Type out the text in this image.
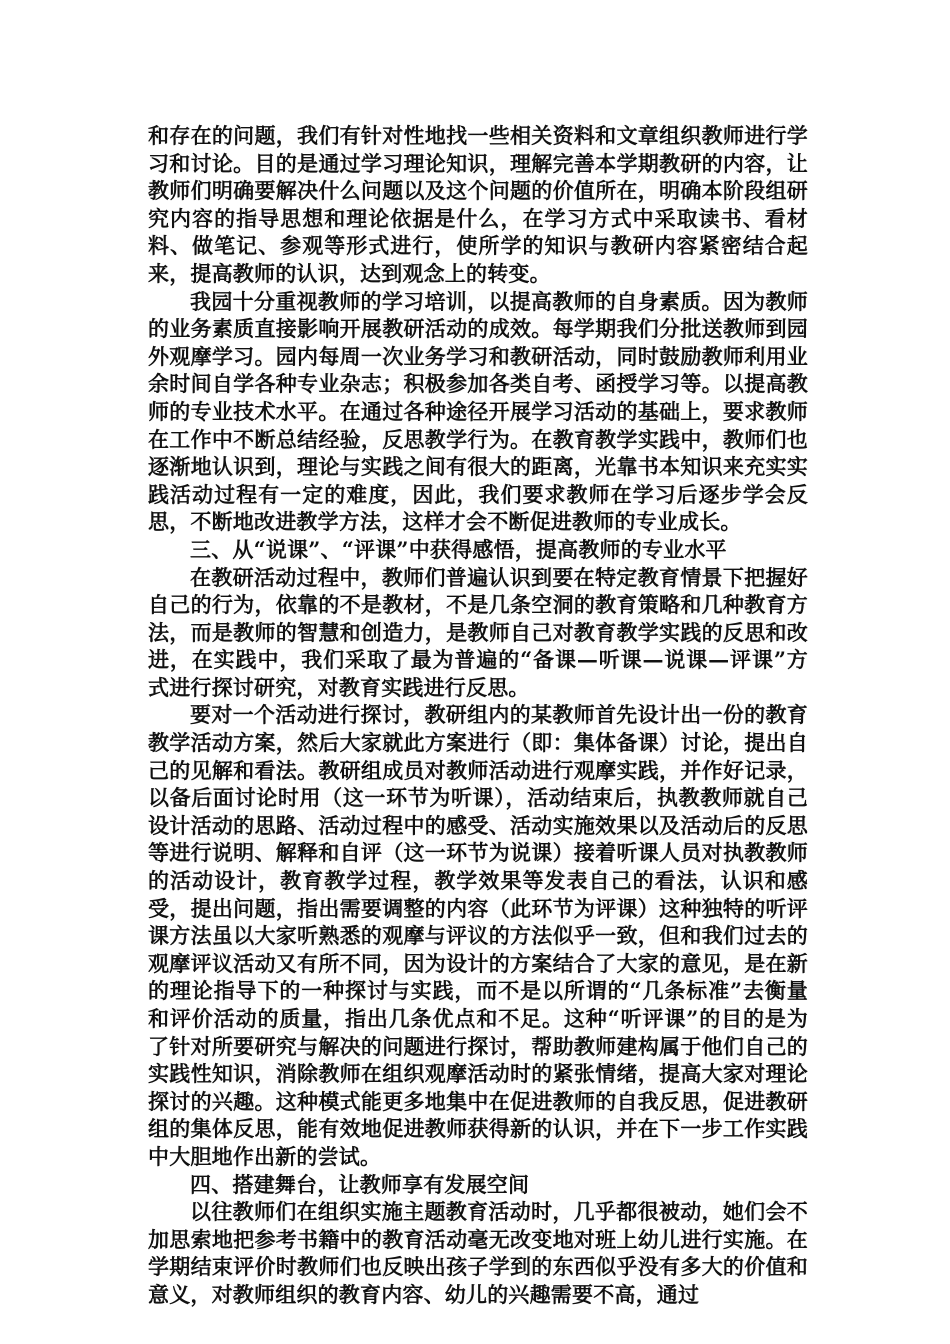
和存在的问题，我们有针对性地找一些相关资料和文章组织教师进行学习和讨论。目的是通过学习理论知识，理解完善本学期教研的内容，让教师们明确要解决什么问题以及这个问题的价值所在，明确本阶段组研究内容的指导思想和理论依据是什么，在学习方式中采取读书、看材料、做笔记、参观等形式进行，使所学的知识与教研内容紧密结合起来，提高教师的认识，达到观念上的转变。

我园十分重视教师的学习培训，以提高教师的自身素质。因为教师的业务素质直接影响开展教研活动的成效。每学期我们分批送教师到园外观摩学习。园内每周一次业务学习和教研活动，同时鼓励教师利用业余时间自学各种专业杂志；积极参加各类自考、函授学习等。以提高教师的专业技术水平。在通过各种途径开展学习活动的基础上，要求教师在工作中不断总结经验，反思教学行为。在教育教学实践中，教师们也逐渐地认识到，理论与实践之间有很大的距离，光靠书本知识来充实实践活动过程有一定的难度，因此，我们要求教师在学习后逐步学会反思，不断地改进教学方法，这样才会不断促进教师的专业成长。

三、从“说课”、“评课”中获得感悟，提高教师的专业水平

在教研活动过程中，教师们普遍认识到要在特定教育情景下把握好自己的行为，依靠的不是教材，不是几条空洞的教育策略和几种教育方法，而是教师的智慧和创造力，是教师自己对教育教学实践的反思和改进，在实践中，我们采取了最为普遍的“备课—听课—说课—评课”方式进行探讨研究，对教育实践进行反思。

要对一个活动进行探讨，教研组内的某教师首先设计出一份的教育教学活动方案，然后大家就此方案进行（即：集体备课）讨论，提出自己的见解和看法。教研组成员对教师活动进行观摩实践，并作好记录，以备后面讨论时用（这一环节为听课），活动结束后，执教教师就自己设计活动的思路、活动过程中的感受、活动实施效果以及活动后的反思等进行说明、解释和自评（这一环节为说课）接着听课人员对执教教师的活动设计，教育教学过程，教学效果等发表自己的看法，认识和感受，提出问题，指出需要调整的内容（此环节为评课）这种独特的听评课方法虽以大家听熟悉的观摩与评议的方法似乎一致，但和我们过去的观摩评议活动又有所不同，因为设计的方案结合了大家的意见，是在新的理论指导下的一种探讨与实践，而不是以所谓的“几条标准”去衡量和评价活动的质量，指出几条优点和不足。这种“听评课”的目的是为了针对所要研究与解决的问题进行探讨，帮助教师建构属于他们自己的实践性知识，消除教师在组织观摩活动时的紧张情绪，提高大家对理论探讨的兴趣。这种模式能更多地集中在促进教师的自我反思，促进教研组的集体反思，能有效地促进教师获得新的认识，并在下一步工作实践中大胆地作出新的尝试。

四、搭建舞台，让教师享有发展空间

以往教师们在组织实施主题教育活动时，几乎都很被动，她们会不加思索地把参考书籍中的教育活动毫无改变地对班上幼儿进行实施。在学期结束评价时教师们也反映出孩子学到的东西似乎没有多大的价值和意义，对教师组织的教育内容、幼儿的兴趣需要不高，通过
